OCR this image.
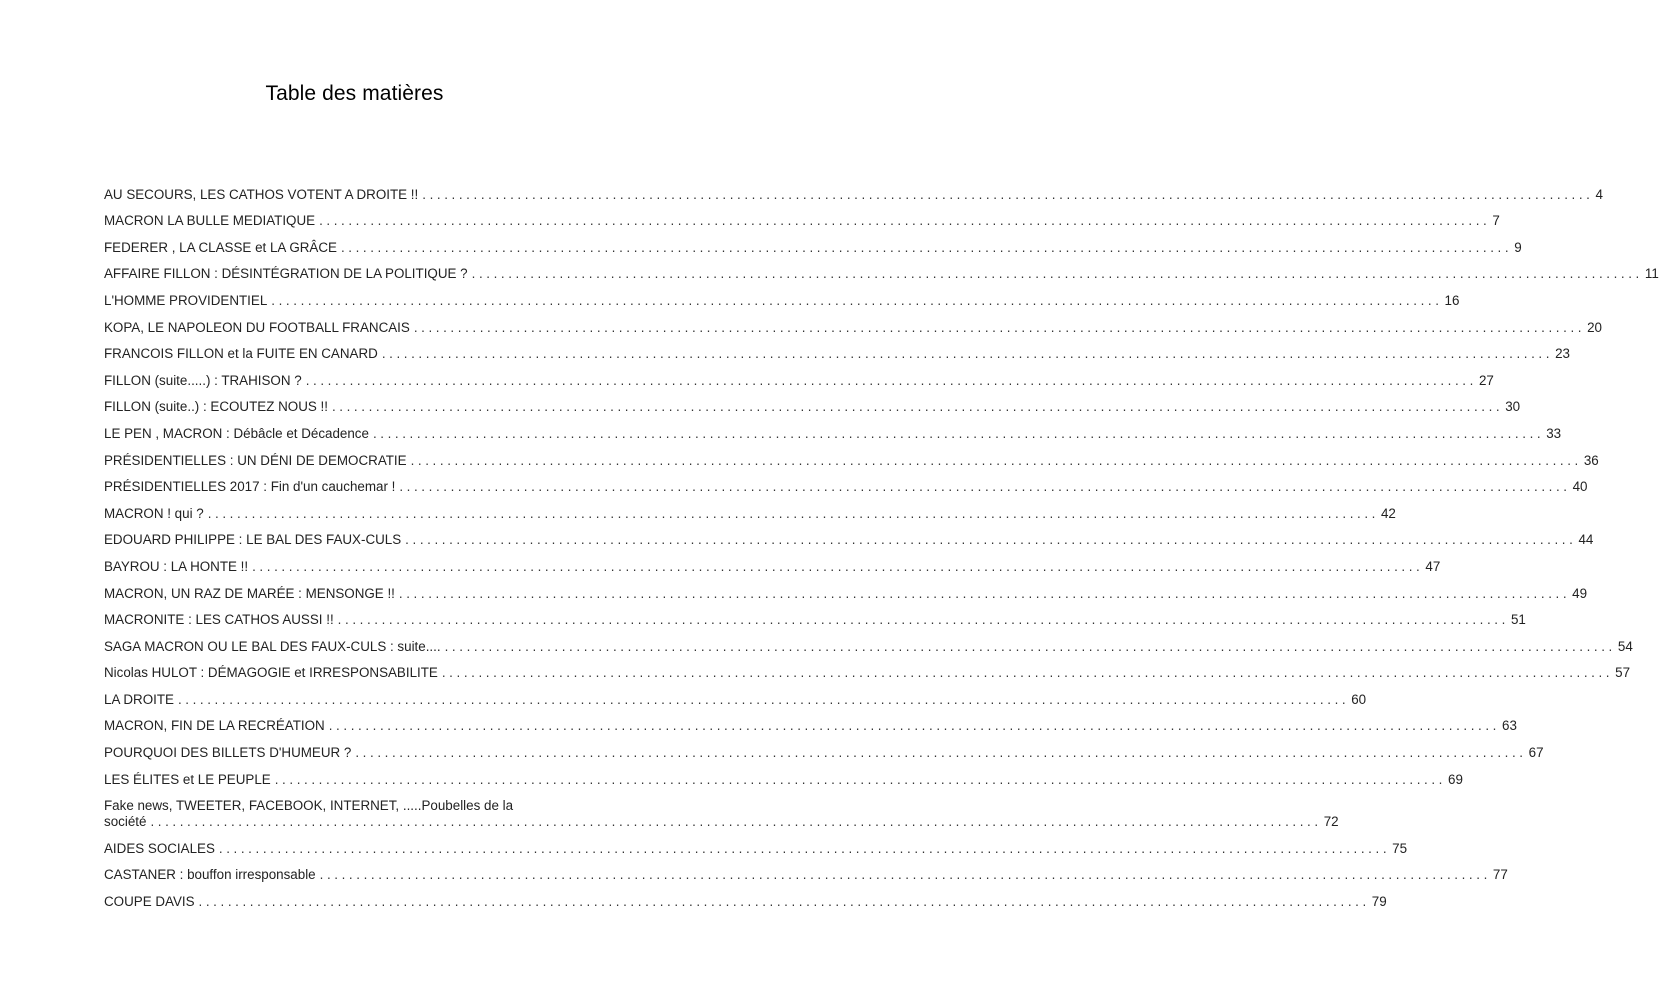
Table des matières
AU SECOURS, LES CATHOS VOTENT A DROITE !! ................................................................................................................................................................ 4
MACRON LA BULLE MEDIATIQUE ................................................................................................................................................................ 7
FEDERER , LA CLASSE et LA GRÂCE ................................................................................................................................................................ 9
AFFAIRE FILLON : DÉSINTÉGRATION DE LA POLITIQUE ? ................................................................................................................................................................ 11
L'HOMME PROVIDENTIEL ................................................................................................................................................................ 16
KOPA, LE NAPOLEON DU FOOTBALL FRANCAIS ................................................................................................................................................................ 20
FRANCOIS FILLON et la FUITE EN CANARD ................................................................................................................................................................ 23
FILLON (suite.....) : TRAHISON ? ................................................................................................................................................................ 27
FILLON (suite..) : ECOUTEZ NOUS !! ................................................................................................................................................................ 30
LE PEN , MACRON : Débâcle et Décadence ................................................................................................................................................................ 33
PRÉSIDENTIELLES : UN DÉNI DE DEMOCRATIE ................................................................................................................................................................ 36
PRÉSIDENTIELLES 2017 : Fin d'un cauchemar ! ................................................................................................................................................................ 40
MACRON ! qui ? ................................................................................................................................................................ 42
EDOUARD PHILIPPE : LE BAL DES FAUX-CULS ................................................................................................................................................................ 44
BAYROU : LA HONTE !! ................................................................................................................................................................ 47
MACRON, UN RAZ DE MARÉE : MENSONGE !! ................................................................................................................................................................ 49
MACRONITE : LES CATHOS AUSSI !! ................................................................................................................................................................ 51
SAGA MACRON OU LE BAL DES FAUX-CULS : suite.... ................................................................................................................................................................ 54
Nicolas HULOT : DÉMAGOGIE et IRRESPONSABILITE ................................................................................................................................................................ 57
LA DROITE ................................................................................................................................................................ 60
MACRON, FIN DE LA RECRÉATION ................................................................................................................................................................ 63
POURQUOI DES BILLETS D'HUMEUR ? ................................................................................................................................................................ 67
LES ÉLITES et LE PEUPLE ................................................................................................................................................................ 69
Fake news, TWEETER, FACEBOOK, INTERNET, .....Poubelles de la
société ................................................................................................................................................................ 72
AIDES SOCIALES ................................................................................................................................................................ 75
CASTANER : bouffon irresponsable ................................................................................................................................................................ 77
COUPE DAVIS ................................................................................................................................................................ 79
